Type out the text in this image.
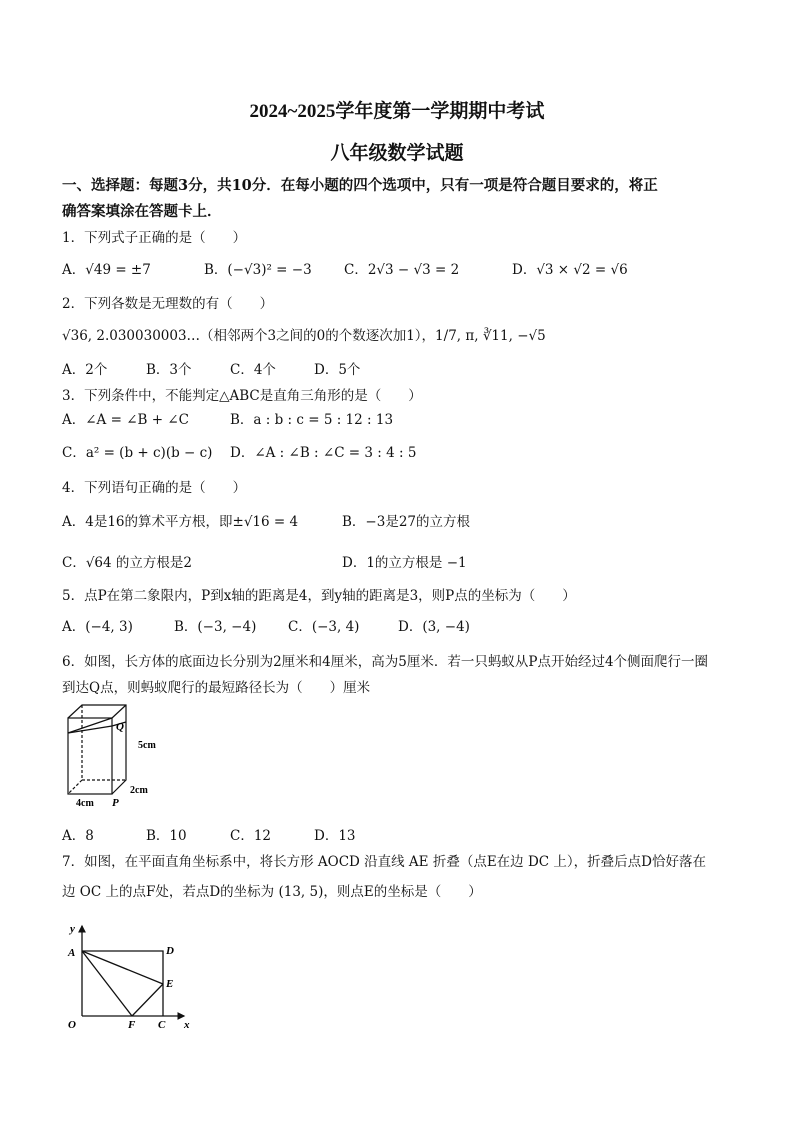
2024~2025学年度第一学期期中考试
八年级数学试题
一、选择题：每题3分，共10分．在每小题的四个选项中，只有一项是符合题目要求的，将正
确答案填涂在答题卡上．
1．下列式子正确的是（　　）
A．√49 = ±7	B．(−√3)² = −3 C．2√3 − √3 = 2	D．√3 × √2 = √6
2．下列各数是无理数的有（　　）
√36, 2.030030003…（相邻两个3之间的0的个数逐次加1），1/7, π, ∛11, −√5
A．2个	B．3个	C．4个	D．5个
3．下列条件中，不能判定△ABC是直角三角形的是（　　）
A．∠A = ∠B + ∠C	B．a : b : c = 5 : 12 : 13
C．a² = (b + c)(b − c) D．∠A : ∠B : ∠C = 3 : 4 : 5
4．下列语句正确的是（　　）
A．4是16的算术平方根，即±√16 = 4	B．−3是27的立方根
C．√64 的立方根是2	D．1的立方根是 −1
5．点P在第二象限内，P到x轴的距离是4，到y轴的距离是3，则P点的坐标为（　　）
A．(−4, 3)	B．(−3, −4) C．(−3, 4)	D．(3, −4)
6．如图，长方体的底面边长分别为2厘米和4厘米，高为5厘米．若一只蚂蚁从P点开始经过4个侧面爬行一圈
到达Q点，则蚂蚁爬行的最短路径长为（　　）厘米
Q
5cm
2cm
4cm P
A．8	B．10	C．12	D．13
7．如图，在平面直角坐标系中，将长方形 AOCD 沿直线 AE 折叠（点E在边 DC 上），折叠后点D恰好落在
边 OC 上的点F处，若点D的坐标为 (13, 5)，则点E的坐标是（　　）
y
A	D
E
O	F C x
